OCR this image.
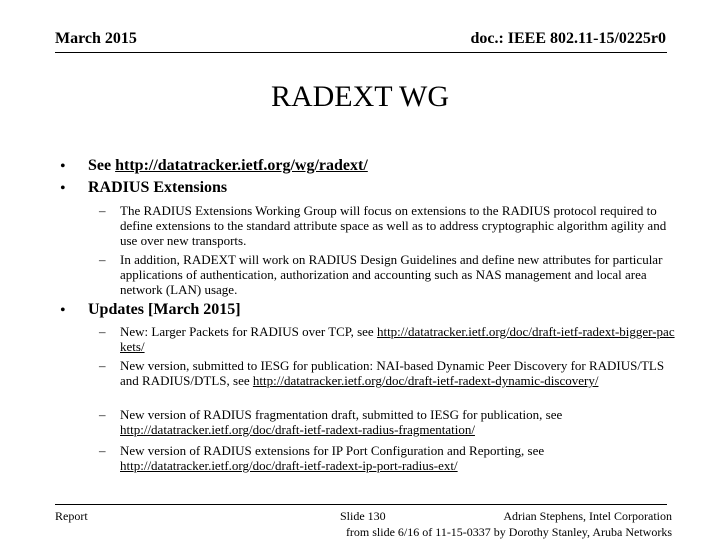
March 2015	doc.: IEEE 802.11-15/0225r0
RADEXT WG
• See http://datatracker.ietf.org/wg/radext/
• RADIUS Extensions
– The RADIUS Extensions Working Group will focus on extensions to the RADIUS protocol required to define extensions to the standard attribute space as well as to address cryptographic algorithm agility and use over new transports.
– In addition, RADEXT will work on RADIUS Design Guidelines and define new attributes for particular applications of authentication, authorization and accounting such as NAS management and local area network (LAN) usage.
• Updates [March 2015]
– New: Larger Packets for RADIUS over TCP, see http://datatracker.ietf.org/doc/draft-ietf-radext-bigger-packets/
– New version, submitted to IESG for publication: NAI-based Dynamic Peer Discovery for RADIUS/TLS and RADIUS/DTLS, see http://datatracker.ietf.org/doc/draft-ietf-radext-dynamic-discovery/
– New version of RADIUS fragmentation draft, submitted to IESG for publication, see http://datatracker.ietf.org/doc/draft-ietf-radext-radius-fragmentation/
– New version of RADIUS extensions for IP Port Configuration and Reporting, see http://datatracker.ietf.org/doc/draft-ietf-radext-ip-port-radius-ext/
Report	Slide 130	Adrian Stephens, Intel Corporation
from slide 6/16 of 11-15-0337 by Dorothy Stanley, Aruba Networks
